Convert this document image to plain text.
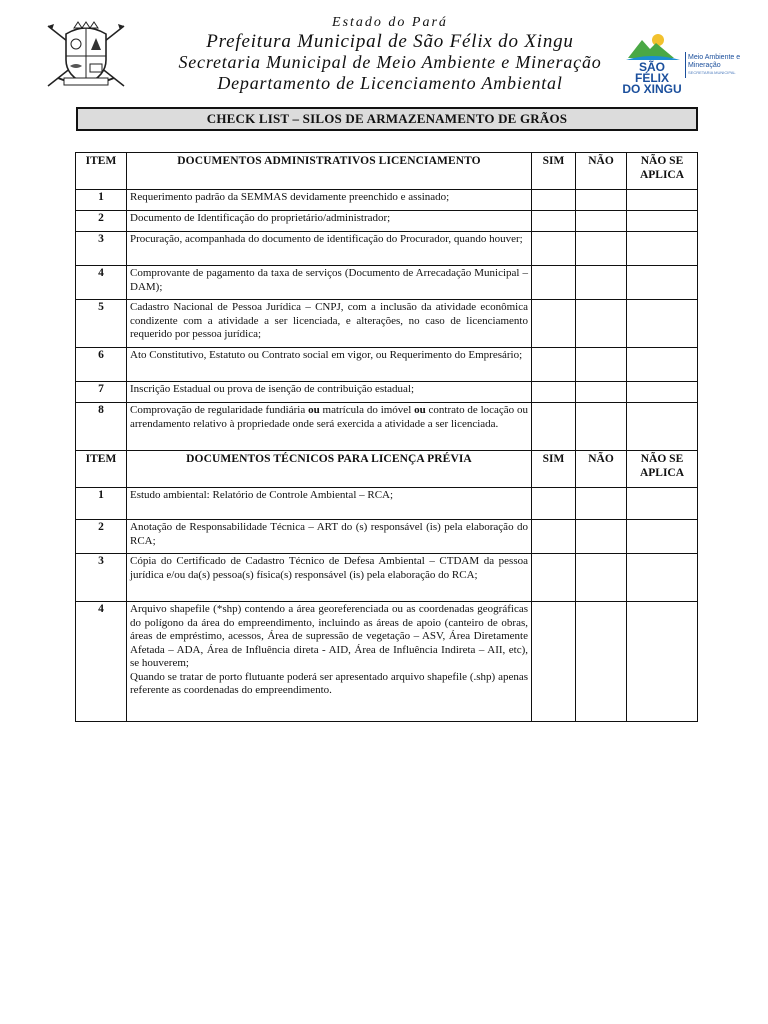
Estado do Pará
Prefeitura Municipal de São Félix do Xingu
Secretaria Municipal de Meio Ambiente e Mineração
Departamento de Licenciamento Ambiental
SÃO FÉLIX
DO XINGU
Meio Ambiente e
Mineração
SECRETARIA MUNICIPAL
CHECK LIST – SILOS DE ARMAZENAMENTO DE GRÃOS
ITEM	DOCUMENTOS ADMINISTRATIVOS LICENCIAMENTO	SIM	NÃO	NÃO SE APLICA
1	Requerimento padrão da SEMMAS devidamente preenchido e assinado;			
2	Documento de Identificação do proprietário/administrador;			
3	Procuração, acompanhada do documento de identificação do Procurador, quando houver;			
4	Comprovante de pagamento da taxa de serviços (Documento de Arrecadação Municipal – DAM);			
5	Cadastro Nacional de Pessoa Jurídica – CNPJ, com a inclusão da atividade econômica condizente com a atividade a ser licenciada, e alterações, no caso de licenciamento requerido por pessoa jurídica;			
6	Ato Constitutivo, Estatuto ou Contrato social em vigor, ou Requerimento do Empresário;			
7	Inscrição Estadual ou prova de isenção de contribuição estadual;			
8	Comprovação de regularidade fundiária ou matrícula do imóvel ou contrato de locação ou arrendamento relativo à propriedade onde será exercida a atividade a ser licenciada.			
ITEM	DOCUMENTOS TÉCNICOS PARA LICENÇA PRÉVIA	SIM	NÃO	NÃO SE APLICA
1	Estudo ambiental: Relatório de Controle Ambiental – RCA;			
2	Anotação de Responsabilidade Técnica – ART do (s) responsável (is) pela elaboração do RCA;			
3	Cópia do Certificado de Cadastro Técnico de Defesa Ambiental – CTDAM da pessoa jurídica e/ou da(s) pessoa(s) física(s) responsável (is) pela elaboração do RCA;			
4	Arquivo shapefile (*shp) contendo a área georeferenciada ou as coordenadas geográficas do polígono da área do empreendimento, incluindo as áreas de apoio (canteiro de obras, áreas de empréstimo, acessos, Área de supressão de vegetação – ASV, Área Diretamente Afetada – ADA, Área de Influência direta - AID, Área de Influência Indireta – AII, etc), se houverem;
Quando se tratar de porto flutuante poderá ser apresentado arquivo shapefile (.shp) apenas referente as coordenadas do empreendimento.			
